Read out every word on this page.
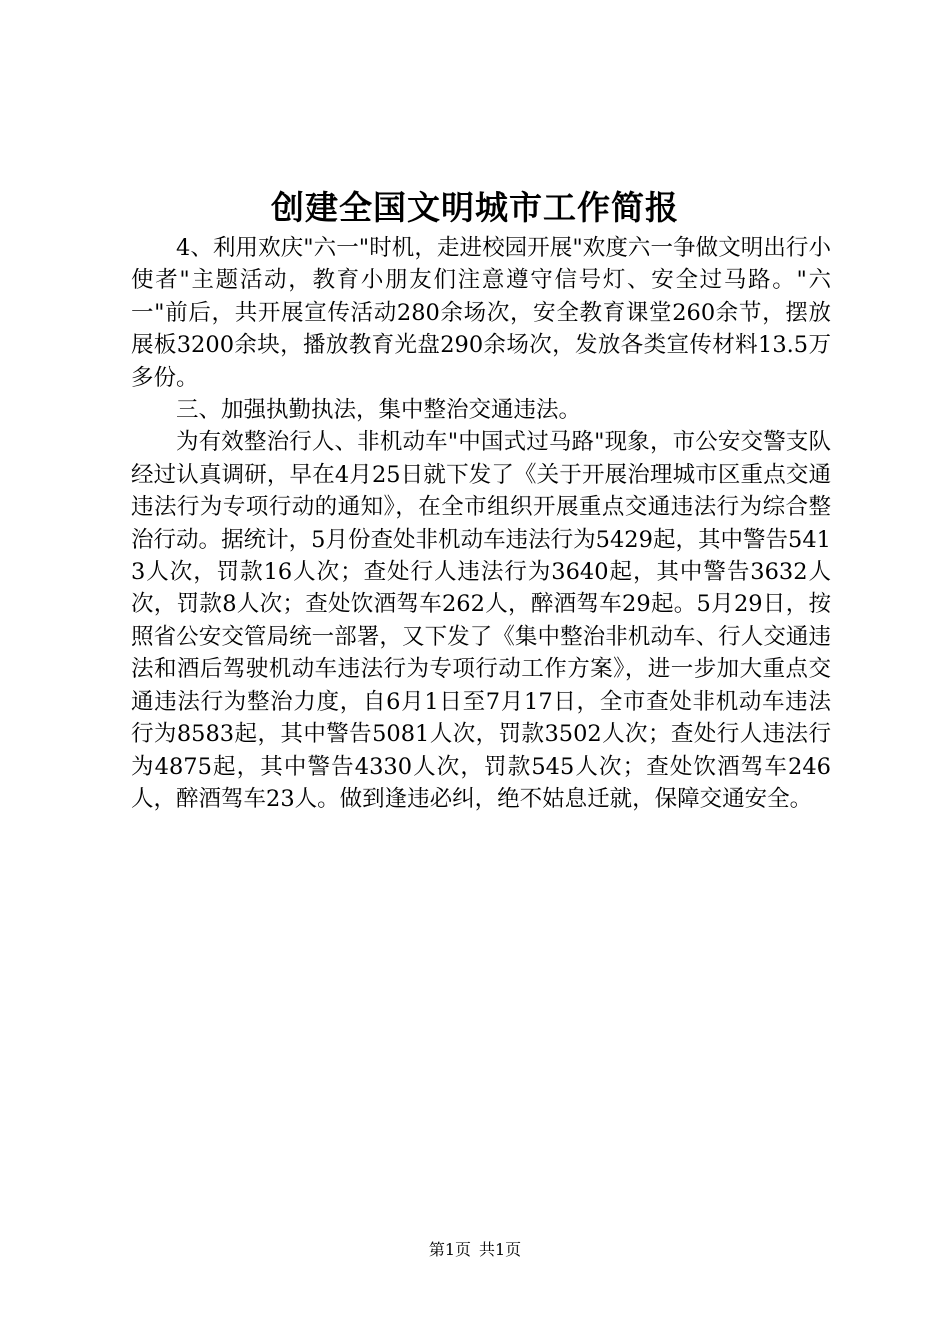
创建全国文明城市工作简报

4、利用欢庆"六一"时机，走进校园开展"欢度六一争做文明出行小使者"主题活动，教育小朋友们注意遵守信号灯、安全过马路。"六一"前后，共开展宣传活动280余场次，安全教育课堂260余节，摆放展板3200余块，播放教育光盘290余场次，发放各类宣传材料13.5万多份。

三、加强执勤执法，集中整治交通违法。

为有效整治行人、非机动车"中国式过马路"现象，市公安交警支队经过认真调研，早在4月25日就下发了《关于开展治理城市区重点交通违法行为专项行动的通知》，在全市组织开展重点交通违法行为综合整治行动。据统计，5月份查处非机动车违法行为5429起，其中警告5413人次，罚款16人次；查处行人违法行为3640起，其中警告3632人次，罚款8人次；查处饮酒驾车262人，醉酒驾车29起。5月29日，按照省公安交管局统一部署，又下发了《集中整治非机动车、行人交通违法和酒后驾驶机动车违法行为专项行动工作方案》，进一步加大重点交通违法行为整治力度，自6月1日至7月17日，全市查处非机动车违法行为8583起，其中警告5081人次，罚款3502人次；查处行人违法行为4875起，其中警告4330人次，罚款545人次；查处饮酒驾车246人，醉酒驾车23人。做到逢违必纠，绝不姑息迁就，保障交通安全。

第1页 共1页
